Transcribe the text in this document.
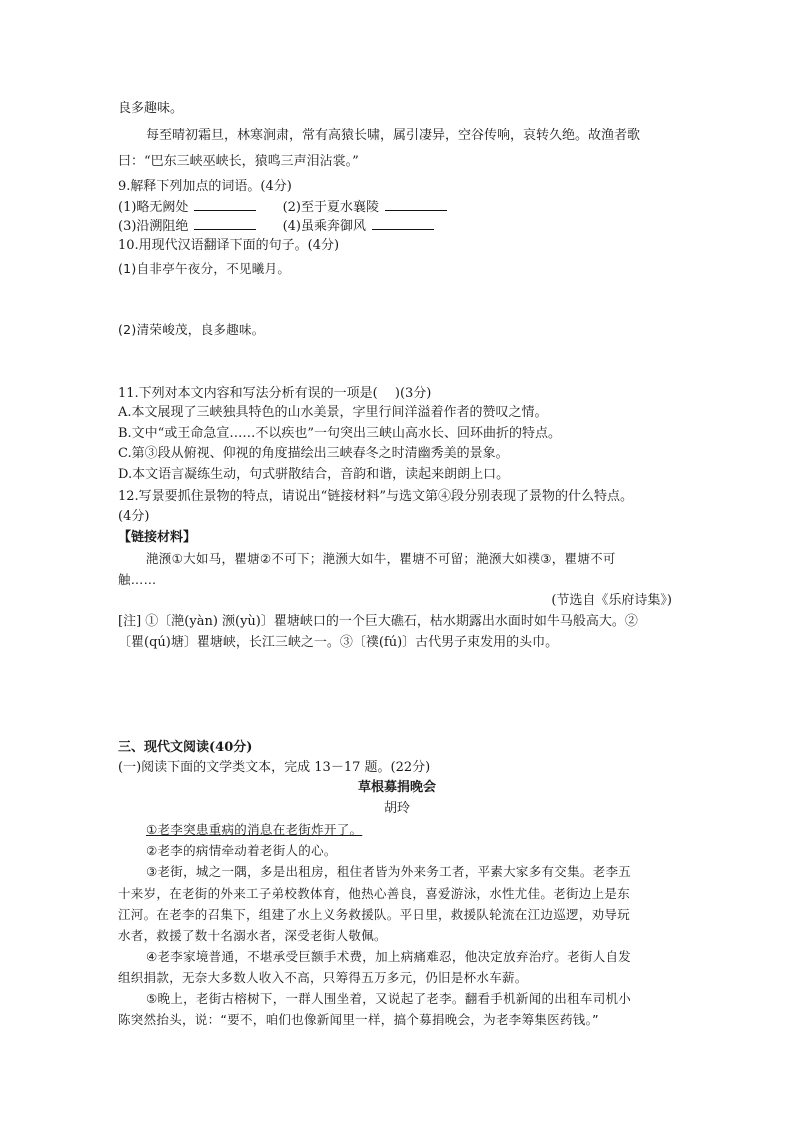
良多趣味。
每至晴初霜旦，林寒涧肃，常有高猿长啸，属引凄异，空谷传响，哀转久绝。故渔者歌
曰：“巴东三峡巫峡长，猿鸣三声泪沾裳。”
9.解释下列加点的词语。(4分)
(1)略无阙处	(2)至于夏水襄陵
(3)沿溯阻绝	(4)虽乘奔御风
10.用现代汉语翻译下面的句子。(4分)
(1)自非亭午夜分，不见曦月。
(2)清荣峻茂，良多趣味。
11.下列对本文内容和写法分析有误的一项是(　 )(3分)
A.本文展现了三峡独具特色的山水美景，字里行间洋溢着作者的赞叹之情。
B.文中“或王命急宣……不以疾也”一句突出三峡山高水长、回环曲折的特点。
C.第③段从俯视、仰视的角度描绘出三峡春冬之时清幽秀美的景象。
D.本文语言凝练生动，句式骈散结合，音韵和谐，读起来朗朗上口。
12.写景要抓住景物的特点，请说出“链接材料”与选文第④段分别表现了景物的什么特点。
(4分)
【链接材料】
滟滪①大如马，瞿塘②不可下；滟滪大如牛，瞿塘不可留；滟滪大如襆③，瞿塘不可
触……
(节选自《乐府诗集》)
[注] ①〔滟(yàn) 滪(yù)〕瞿塘峡口的一个巨大礁石，枯水期露出水面时如牛马般高大。②
〔瞿(qú)塘〕瞿塘峡，长江三峡之一。③〔襆(fú)〕古代男子束发用的头巾。
三、现代文阅读(40分)
(一)阅读下面的文学类文本，完成 13－17 题。(22分)
草根募捐晚会
胡玲
①老李突患重病的消息在老街炸开了。
②老李的病情牵动着老街人的心。
③老街，城之一隅，多是出租房，租住者皆为外来务工者，平素大家多有交集。老李五
十来岁，在老街的外来工子弟校教体育，他热心善良，喜爱游泳，水性尤佳。老街边上是东
江河。在老李的召集下，组建了水上义务救援队。平日里，救援队轮流在江边巡逻，劝导玩
水者，救援了数十名溺水者，深受老街人敬佩。
④老李家境普通，不堪承受巨额手术费，加上病痛难忍，他决定放弃治疗。老街人自发
组织捐款，无奈大多数人收入不高，只筹得五万多元，仍旧是杯水车薪。
⑤晚上，老街古榕树下，一群人围坐着，又说起了老李。翻看手机新闻的出租车司机小
陈突然抬头，说：“要不，咱们也像新闻里一样，搞个募捐晚会，为老李筹集医药钱。”
